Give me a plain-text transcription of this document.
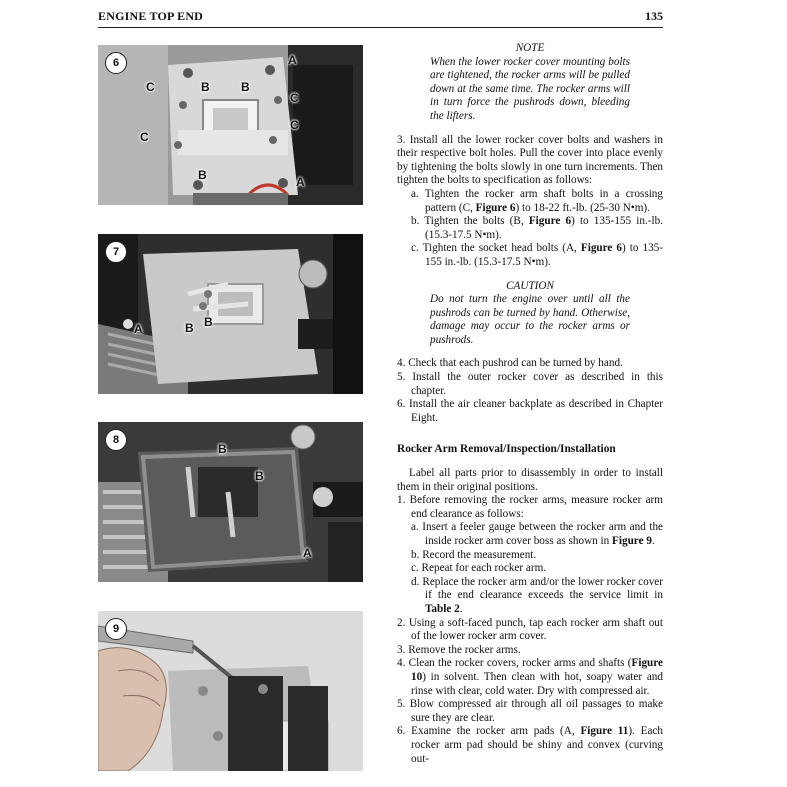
ENGINE TOP END	135
6	A
C	B	B
C
C
C
B	A
7
A	B B
8
B
B
A
9

NOTE

When the lower rocker cover mounting bolts are tightened, the rocker arms will be pulled down at the same time. The rocker arms will in turn force the pushrods down, bleeding the lifters.

3. Install all the lower rocker cover bolts and washers in their respective bolt holes. Pull the cover into place evenly by tightening the bolts slowly in one turn increments. Then tighten the bolts to specification as follows:

a. Tighten the rocker arm shaft bolts in a crossing pattern (C, Figure 6) to 18-22 ft.-lb. (25-30 N•m).

b. Tighten the bolts (B, Figure 6) to 135-155 in.-lb. (15.3-17.5 N•m).

c. Tighten the socket head bolts (A, Figure 6) to 135-155 in.-lb. (15.3-17.5 N•m).

CAUTION

Do not turn the engine over until all the pushrods can be turned by hand. Otherwise, damage may occur to the rocker arms or pushrods.

4. Check that each pushrod can be turned by hand.

5. Install the outer rocker cover as described in this chapter.

6. Install the air cleaner backplate as described in Chapter Eight.

Rocker Arm Removal/Inspection/Installation

Label all parts prior to disassembly in order to install them in their original positions.

1. Before removing the rocker arms, measure rocker arm end clearance as follows:

a. Insert a feeler gauge between the rocker arm and the inside rocker arm cover boss as shown in Figure 9.

b. Record the measurement.

c. Repeat for each rocker arm.

d. Replace the rocker arm and/or the lower rocker cover if the end clearance exceeds the service limit in Table 2.

2. Using a soft-faced punch, tap each rocker arm shaft out of the lower rocker arm cover.

3. Remove the rocker arms.

4. Clean the rocker covers, rocker arms and shafts (Figure 10) in solvent. Then clean with hot, soapy water and rinse with clear, cold water. Dry with compressed air.

5. Blow compressed air through all oil passages to make sure they are clear.

6. Examine the rocker arm pads (A, Figure 11). Each rocker arm pad should be shiny and convex (curving out-
